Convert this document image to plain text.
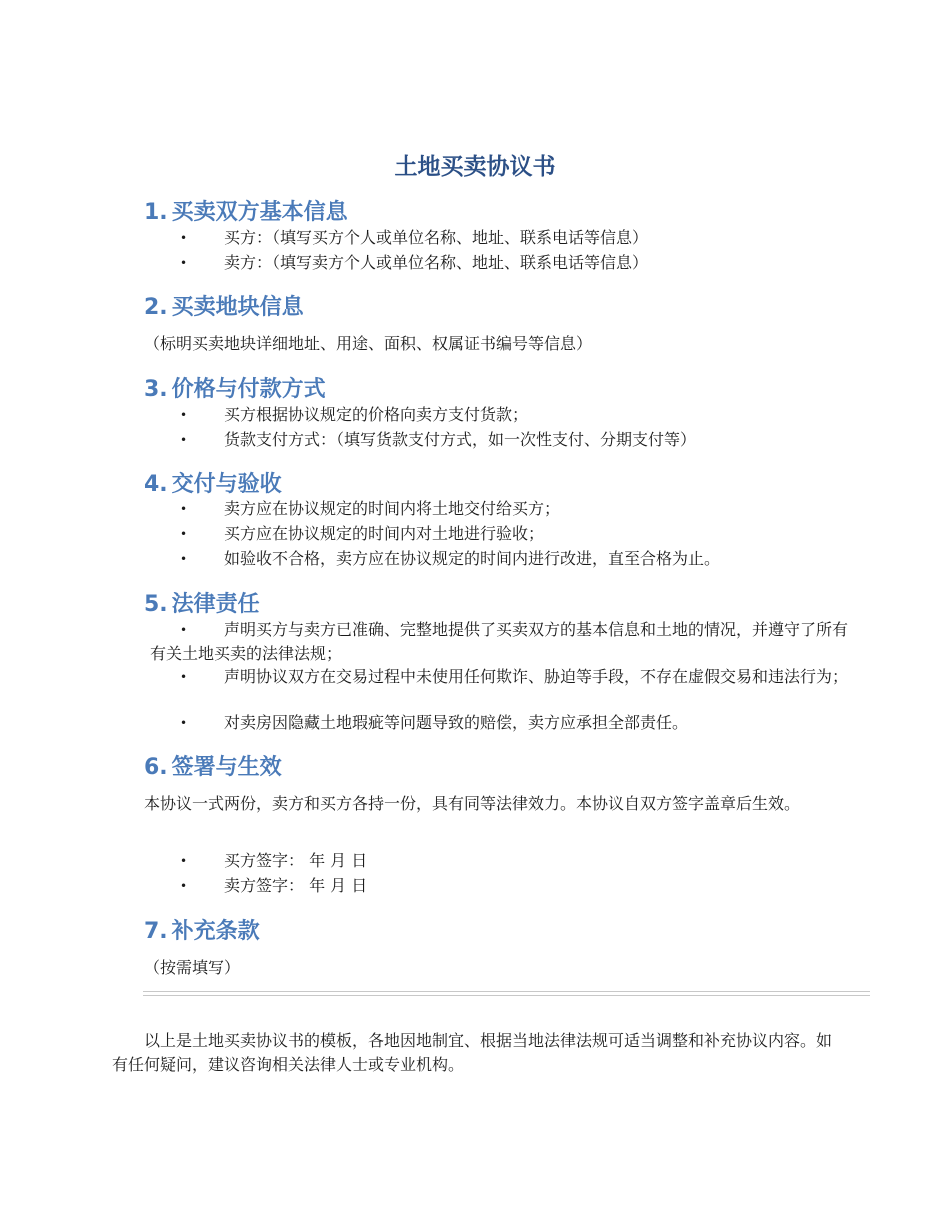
土地买卖协议书
1. 买卖双方基本信息
• 买方：（填写买方个人或单位名称、地址、联系电话等信息）
• 卖方：（填写卖方个人或单位名称、地址、联系电话等信息）
2. 买卖地块信息
（标明买卖地块详细地址、用途、面积、权属证书编号等信息）
3. 价格与付款方式
• 买方根据协议规定的价格向卖方支付货款；
• 货款支付方式：（填写货款支付方式，如一次性支付、分期支付等）
4. 交付与验收
• 卖方应在协议规定的时间内将土地交付给买方；
• 买方应在协议规定的时间内对土地进行验收；
• 如验收不合格，卖方应在协议规定的时间内进行改进，直至合格为止。
5. 法律责任
• 声明买方与卖方已准确、完整地提供了买卖双方的基本信息和土地的情况，并遵守了所有有关土地买卖的法律法规；
• 声明协议双方在交易过程中未使用任何欺诈、胁迫等手段，不存在虚假交易和违法行为；
• 对卖房因隐藏土地瑕疵等问题导致的赔偿，卖方应承担全部责任。
6. 签署与生效
本协议一式两份，卖方和买方各持一份，具有同等法律效力。本协议自双方签字盖章后生效。
• 买方签字： 年 月 日
• 卖方签字： 年 月 日
7. 补充条款
（按需填写）
以上是土地买卖协议书的模板，各地因地制宜、根据当地法律法规可适当调整和补充协议内容。如有任何疑问，建议咨询相关法律人士或专业机构。
